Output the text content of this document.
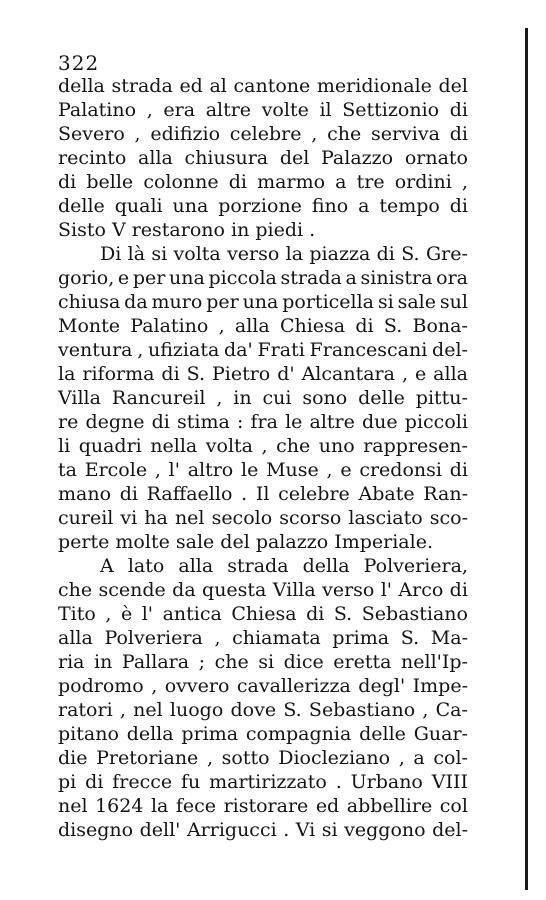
322
della strada ed al cantone meridionale del
Palatino , era altre volte il Settizonio di
Severo , edifizio celebre , che serviva di
recinto alla chiusura del Palazzo ornato
di belle colonne di marmo a tre ordini ,
delle quali una porzione fino a tempo di
Sisto V restarono in piedi .
Di là si volta verso la piazza di S. Gre-
gorio, e per una piccola strada a sinistra ora
chiusa da muro per una porticella si sale sul
Monte Palatino , alla Chiesa di S. Bona-
ventura , ufiziata da' Frati Francescani del-
la riforma di S. Pietro d' Alcantara , e alla
Villa Rancureil , in cui sono delle pittu-
re degne di stima : fra le altre due piccoli
li quadri nella volta , che uno rappresen-
ta Ercole , l' altro le Muse , e credonsi di
mano di Raffaello . Il celebre Abate Ran-
cureil vi ha nel secolo scorso lasciato sco-
perte molte sale del palazzo Imperiale.
A lato alla strada della Polveriera,
che scende da questa Villa verso l' Arco di
Tito , è l' antica Chiesa di S. Sebastiano
alla Polveriera , chiamata prima S. Ma-
ria in Pallara ; che si dice eretta nell'Ip-
podromo , ovvero cavallerizza degl' Impe-
ratori , nel luogo dove S. Sebastiano , Ca-
pitano della prima compagnia delle Guar-
die Pretoriane , sotto Diocleziano , a col-
pi di frecce fu martirizzato . Urbano VIII
nel 1624 la fece ristorare ed abbellire col
disegno dell' Arrigucci . Vi si veggono del-
